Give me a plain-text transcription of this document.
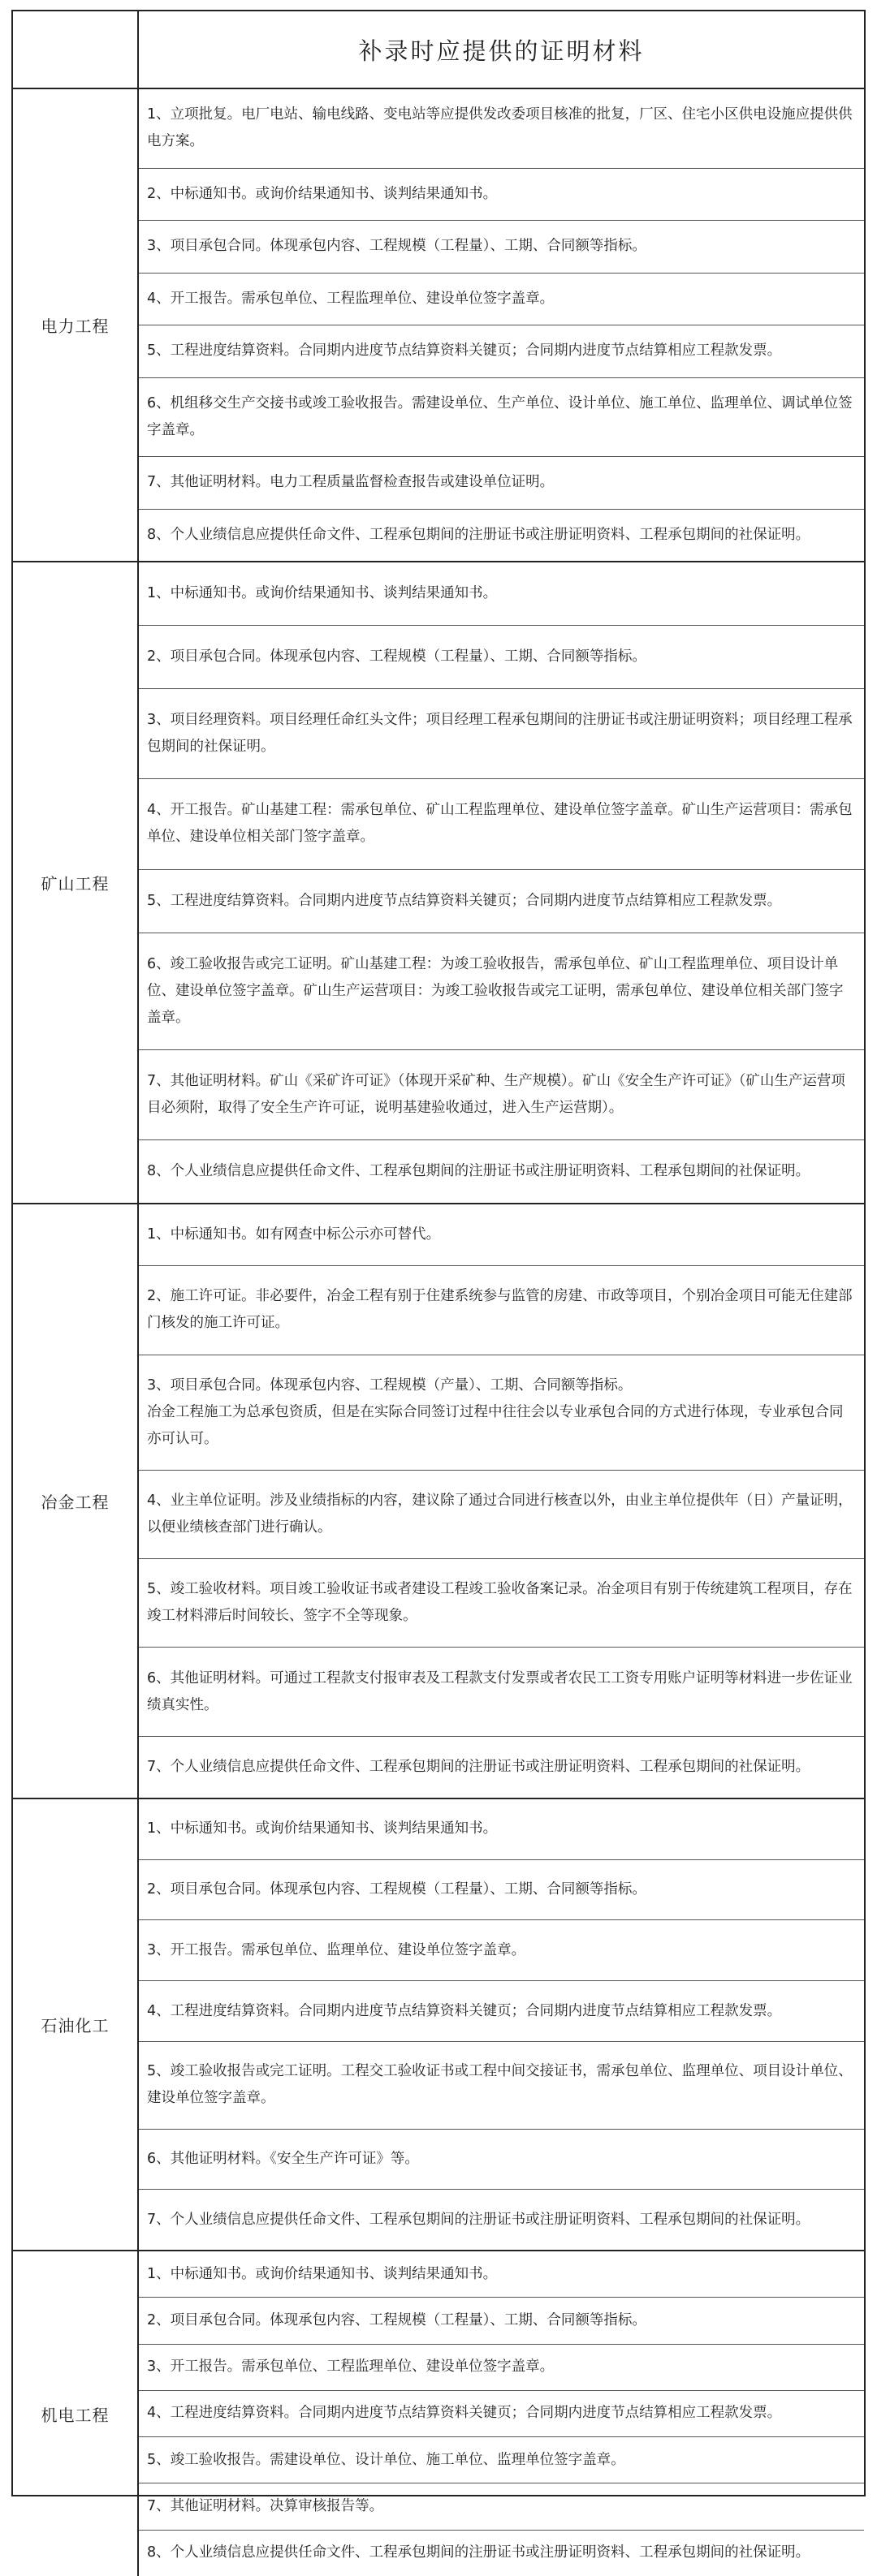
补录时应提供的证明材料
电力工程

1、立项批复。电厂电站、输电线路、变电站等应提供发改委项目核准的批复，厂区、住宅小区供电设施应提供供电方案。

2、中标通知书。或询价结果通知书、谈判结果通知书。

3、项目承包合同。体现承包内容、工程规模（工程量）、工期、合同额等指标。

4、开工报告。需承包单位、工程监理单位、建设单位签字盖章。

5、工程进度结算资料。合同期内进度节点结算资料关键页；合同期内进度节点结算相应工程款发票。

6、机组移交生产交接书或竣工验收报告。需建设单位、生产单位、设计单位、施工单位、监理单位、调试单位签字盖章。

7、其他证明材料。电力工程质量监督检查报告或建设单位证明。

8、个人业绩信息应提供任命文件、工程承包期间的注册证书或注册证明资料、工程承包期间的社保证明。

矿山工程

1、中标通知书。或询价结果通知书、谈判结果通知书。

2、项目承包合同。体现承包内容、工程规模（工程量）、工期、合同额等指标。

3、项目经理资料。项目经理任命红头文件；项目经理工程承包期间的注册证书或注册证明资料；项目经理工程承包期间的社保证明。

4、开工报告。矿山基建工程：需承包单位、矿山工程监理单位、建设单位签字盖章。矿山生产运营项目：需承包单位、建设单位相关部门签字盖章。

5、工程进度结算资料。合同期内进度节点结算资料关键页；合同期内进度节点结算相应工程款发票。

6、竣工验收报告或完工证明。矿山基建工程：为竣工验收报告，需承包单位、矿山工程监理单位、项目设计单位、建设单位签字盖章。矿山生产运营项目：为竣工验收报告或完工证明，需承包单位、建设单位相关部门签字盖章。

7、其他证明材料。矿山《采矿许可证》（体现开采矿种、生产规模）。矿山《安全生产许可证》（矿山生产运营项目必须附，取得了安全生产许可证，说明基建验收通过，进入生产运营期）。

8、个人业绩信息应提供任命文件、工程承包期间的注册证书或注册证明资料、工程承包期间的社保证明。

冶金工程

1、中标通知书。如有网查中标公示亦可替代。

2、施工许可证。非必要件，冶金工程有别于住建系统参与监管的房建、市政等项目，个别冶金项目可能无住建部门核发的施工许可证。

3、项目承包合同。体现承包内容、工程规模（产量）、工期、合同额等指标。

冶金工程施工为总承包资质，但是在实际合同签订过程中往往会以专业承包合同的方式进行体现，专业承包合同亦可认可。

4、业主单位证明。涉及业绩指标的内容，建议除了通过合同进行核查以外，由业主单位提供年（日）产量证明，以便业绩核查部门进行确认。

5、竣工验收材料。项目竣工验收证书或者建设工程竣工验收备案记录。冶金项目有别于传统建筑工程项目，存在竣工材料滞后时间较长、签字不全等现象。

6、其他证明材料。可通过工程款支付报审表及工程款支付发票或者农民工工资专用账户证明等材料进一步佐证业绩真实性。

7、个人业绩信息应提供任命文件、工程承包期间的注册证书或注册证明资料、工程承包期间的社保证明。

石油化工

1、中标通知书。或询价结果通知书、谈判结果通知书。

2、项目承包合同。体现承包内容、工程规模（工程量）、工期、合同额等指标。

3、开工报告。需承包单位、监理单位、建设单位签字盖章。

4、工程进度结算资料。合同期内进度节点结算资料关键页；合同期内进度节点结算相应工程款发票。

5、竣工验收报告或完工证明。工程交工验收证书或工程中间交接证书，需承包单位、监理单位、项目设计单位、建设单位签字盖章。

6、其他证明材料。《安全生产许可证》等。

7、个人业绩信息应提供任命文件、工程承包期间的注册证书或注册证明资料、工程承包期间的社保证明。

机电工程

1、中标通知书。或询价结果通知书、谈判结果通知书。

2、项目承包合同。体现承包内容、工程规模（工程量）、工期、合同额等指标。

3、开工报告。需承包单位、工程监理单位、建设单位签字盖章。

4、工程进度结算资料。合同期内进度节点结算资料关键页；合同期内进度节点结算相应工程款发票。

5、竣工验收报告。需建设单位、设计单位、施工单位、监理单位签字盖章。

7、其他证明材料。决算审核报告等。

8、个人业绩信息应提供任命文件、工程承包期间的注册证书或注册证明资料、工程承包期间的社保证明。
